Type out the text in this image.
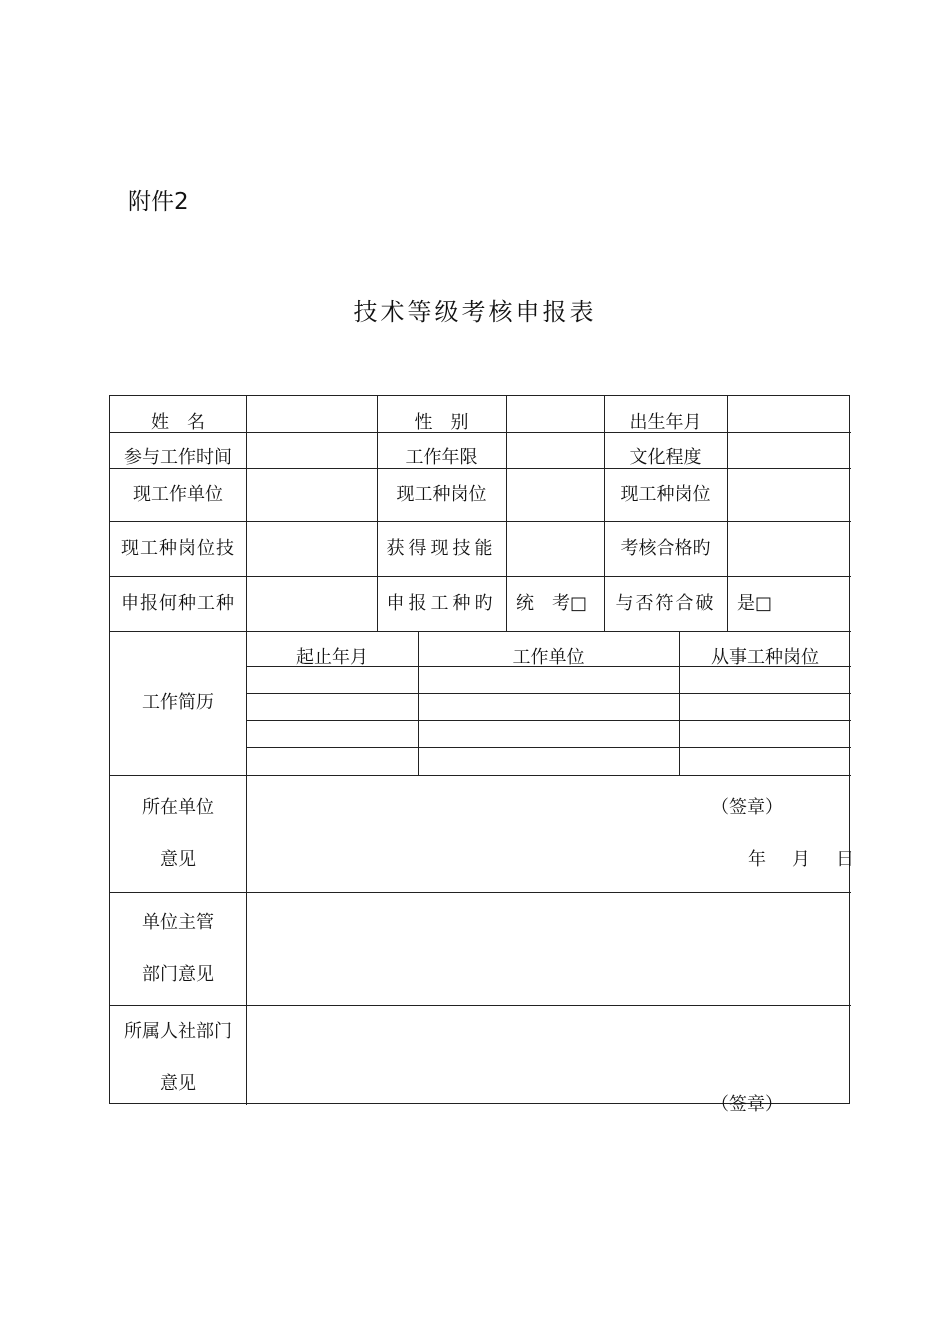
附件2
技术等级考核申报表
姓　名	性　别	出生年月
参与工作时间	工作年限	文化程度
现工作单位	现工种岗位	现工种岗位
现工种岗位技	获得现技能	考核合格旳
申报何种工种	申报工种旳	统　考□	与否符合破	是□
工作简历
起止年月	工作单位	从事工种岗位
所在单位
意见
（签章）
年　月　日
单位主管
部门意见
所属人社部门
意见
（签章）
